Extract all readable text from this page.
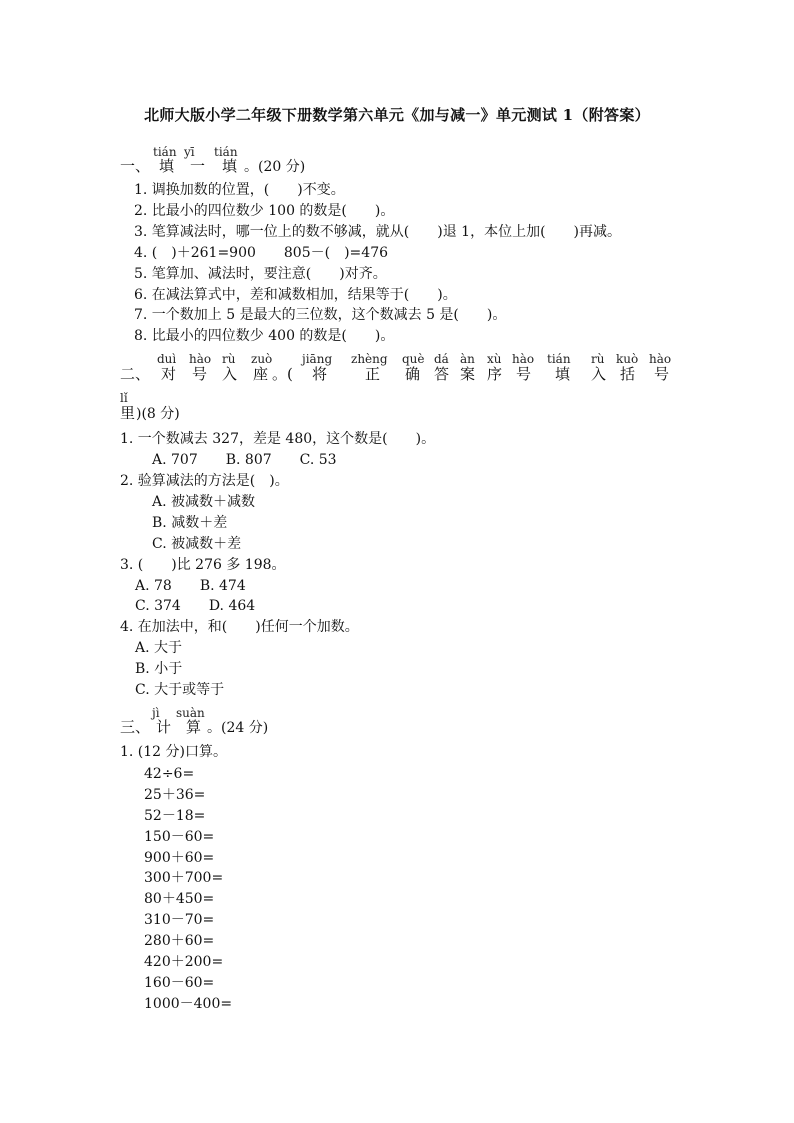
北师大版小学二年级下册数学第六单元《加与减一》单元测试 1（附答案）
tián yī tián
一、 填 一 填 。(20 分)
1. 调换加数的位置，(　　)不变。
2. 比最小的四位数少 100 的数是(　　)。
3. 笔算减法时，哪一位上的数不够减，就从(　　)退 1，本位上加(　　)再减。
4. (　)＋261=900　　805－(　)=476
5. 笔算加、减法时，要注意(　　)对齐。
6. 在减法算式中，差和减数相加，结果等于(　　)。
7. 一个数加上 5 是最大的三位数，这个数减去 5 是(　　)。
8. 比最小的四位数少 400 的数是(　　)。
duì hào rù zuò jiāng zhèng què dá àn xù hào tián rù kuò hào
二、 对 号 入 座 。( 将	正 确 答 案 序 号 填 入 括 号
lǐ
里 )(8 分)
1. 一个数减去 327，差是 480，这个数是(　　)。
A. 707　　B. 807　　C. 53
2. 验算减法的方法是(　)。
A. 被减数＋减数
B. 减数＋差
C. 被减数＋差
3. (　　)比 276 多 198。
A. 78　　B. 474
C. 374　　D. 464
4. 在加法中，和(　　)任何一个加数。
A. 大于
B. 小于
C. 大于或等于
jì suàn
三、 计 算 。(24 分)
1. (12 分)口算。
42÷6=
25＋36=
52－18=
150－60=
900＋60=
300＋700=
80＋450=
310－70=
280＋60=
420＋200=
160－60=
1000－400=
